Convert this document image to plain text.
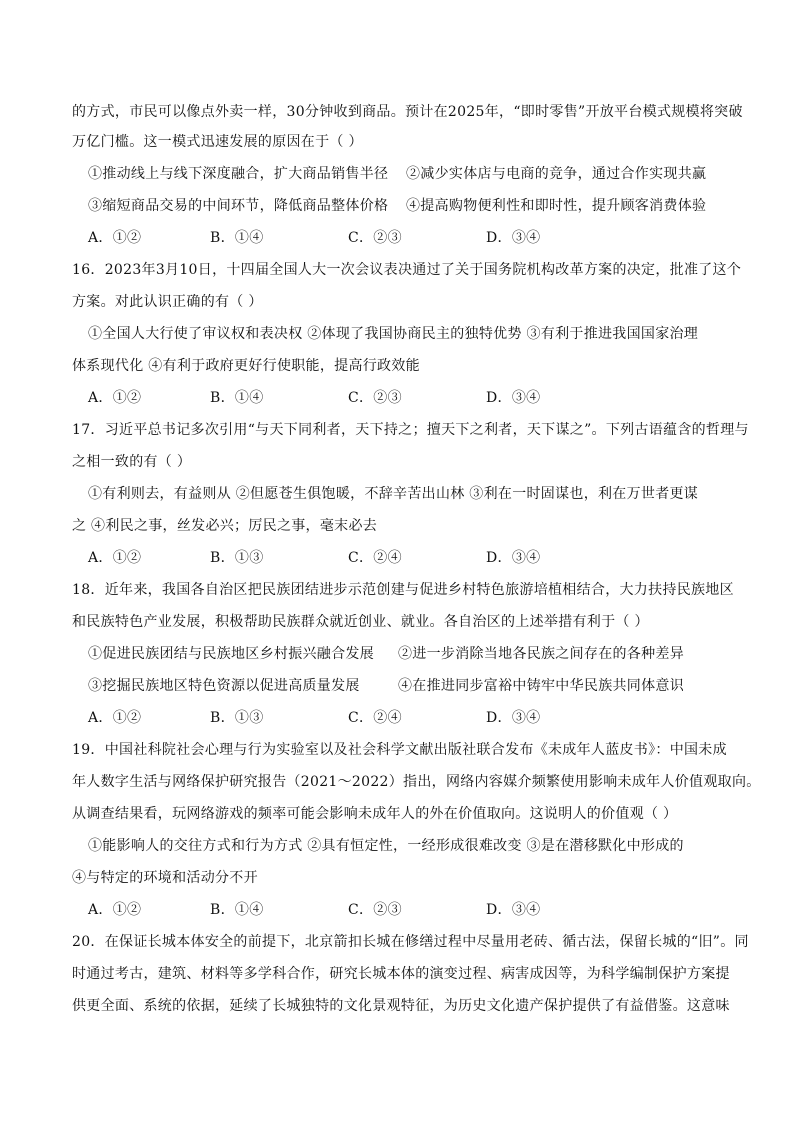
的方式，市民可以像点外卖一样，30分钟收到商品。预计在2025年，“即时零售”开放平台模式规模将突破
万亿门槛。这一模式迅速发展的原因在于（ ）
①推动线上与线下深度融合，扩大商品销售半径 ②减少实体店与电商的竞争，通过合作实现共赢
③缩短商品交易的中间环节，降低商品整体价格 ④提高购物便利性和即时性，提升顾客消费体验
A．①②	B．①④	C．②③	D．③④
16．2023年3月10日，十四届全国人大一次会议表决通过了关于国务院机构改革方案的决定，批准了这个
方案。对此认识正确的有（ ）
①全国人大行使了审议权和表决权 ②体现了我国协商民主的独特优势 ③有利于推进我国国家治理
体系现代化 ④有利于政府更好行使职能，提高行政效能
A．①②	B．①④	C．②③	D．③④
17．习近平总书记多次引用“与天下同利者，天下持之；擅天下之利者，天下谋之”。下列古语蕴含的哲理与
之相一致的有（ ）
①有利则去，有益则从 ②但愿苍生俱饱暖，不辞辛苦出山林 ③利在一时固谋也，利在万世者更谋
之 ④利民之事，丝发必兴；厉民之事，毫末必去
A．①②	B．①③	C．②④	D．③④
18．近年来，我国各自治区把民族团结进步示范创建与促进乡村特色旅游培植相结合，大力扶持民族地区
和民族特色产业发展，积极帮助民族群众就近创业、就业。各自治区的上述举措有利于（ ）
①促进民族团结与民族地区乡村振兴融合发展 ②进一步消除当地各民族之间存在的各种差异
③挖掘民族地区特色资源以促进高质量发展	④在推进同步富裕中铸牢中华民族共同体意识
A．①②	B．①③	C．②④	D．③④
19．中国社科院社会心理与行为实验室以及社会科学文献出版社联合发布《未成年人蓝皮书》：中国未成
年人数字生活与网络保护研究报告（2021～2022）指出，网络内容媒介频繁使用影响未成年人价值观取向。
从调查结果看，玩网络游戏的频率可能会影响未成年人的外在价值取向。这说明人的价值观（ ）
①能影响人的交往方式和行为方式 ②具有恒定性，一经形成很难改变 ③是在潜移默化中形成的
④与特定的环境和活动分不开
A．①②	B．①④	C．②③	D．③④
20．在保证长城本体安全的前提下，北京箭扣长城在修缮过程中尽量用老砖、循古法，保留长城的“旧”。同
时通过考古，建筑、材料等多学科合作，研究长城本体的演变过程、病害成因等，为科学编制保护方案提
供更全面、系统的依据，延续了长城独特的文化景观特征，为历史文化遗产保护提供了有益借鉴。这意味
